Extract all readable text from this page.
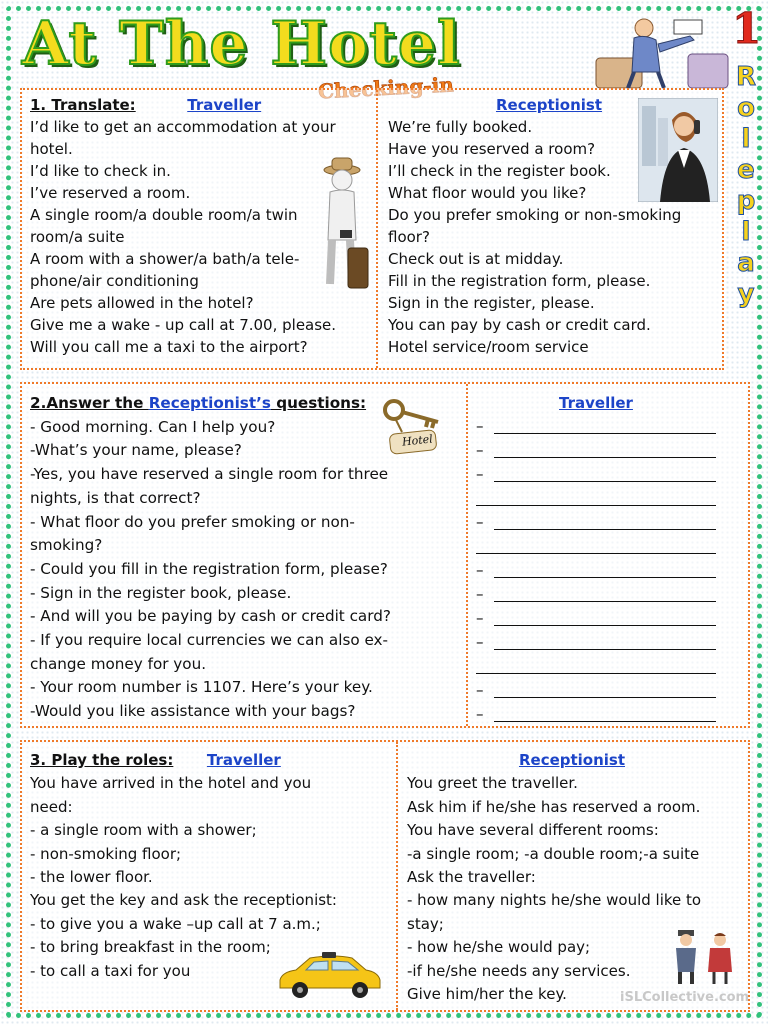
At The Hotel	1
R
o
l
e
p
l
a
y

1. Translate:	Traveller

I’d like to get an accommodation at your

hotel.

I’d like to check in.

I’ve reserved a room.

A single room/a double room/a twin

room/a suite

A room with a shower/a bath/a tele-

phone/air conditioning

Are pets allowed in the hotel?

Give me a wake - up call at 7.00, please.

Will you call me a taxi to the airport?

Receptionist

We’re fully booked.

Have you reserved a room?

I’ll check in the register book.

What floor would you like?

Do you prefer smoking or non-smoking

floor?

Check out is at midday.

Fill in the registration form, please.

Sign in the register, please.

You can pay by cash or credit card.

Hotel service/room service

2.Answer the Receptionist’s questions:

- Good morning. Can I help you?

-What’s your name, please?

-Yes, you have reserved a single room for three

nights, is that correct?

- What floor do you prefer smoking or non-

smoking?

- Could you fill in the registration form, please?

- Sign in the register book, please.

- And will you be paying by cash or credit card?

- If you require local currencies we can also ex-

change money for you.

- Your room number is 1107. Here’s your key.

-Would you like assistance with your bags?

Hotel

Traveller

–

–

–

–

–

–

–

–

–

–

3. Play the roles: Traveller

You have arrived in the hotel and you

need:

- a single room with a shower;

- non-smoking floor;

- the lower floor.

You get the key and ask the receptionist:

- to give you a wake –up call at 7 a.m.;

- to bring breakfast in the room;

- to call a taxi for you

Receptionist

You greet the traveller.

Ask him if he/she has reserved a room.

You have several different rooms:

-a single room; -a double room;-a suite

Ask the traveller:

- how many nights he/she would like to

stay;

- how he/she would pay;

-if he/she needs any services.

Give him/her the key.	iSLCollective.com
